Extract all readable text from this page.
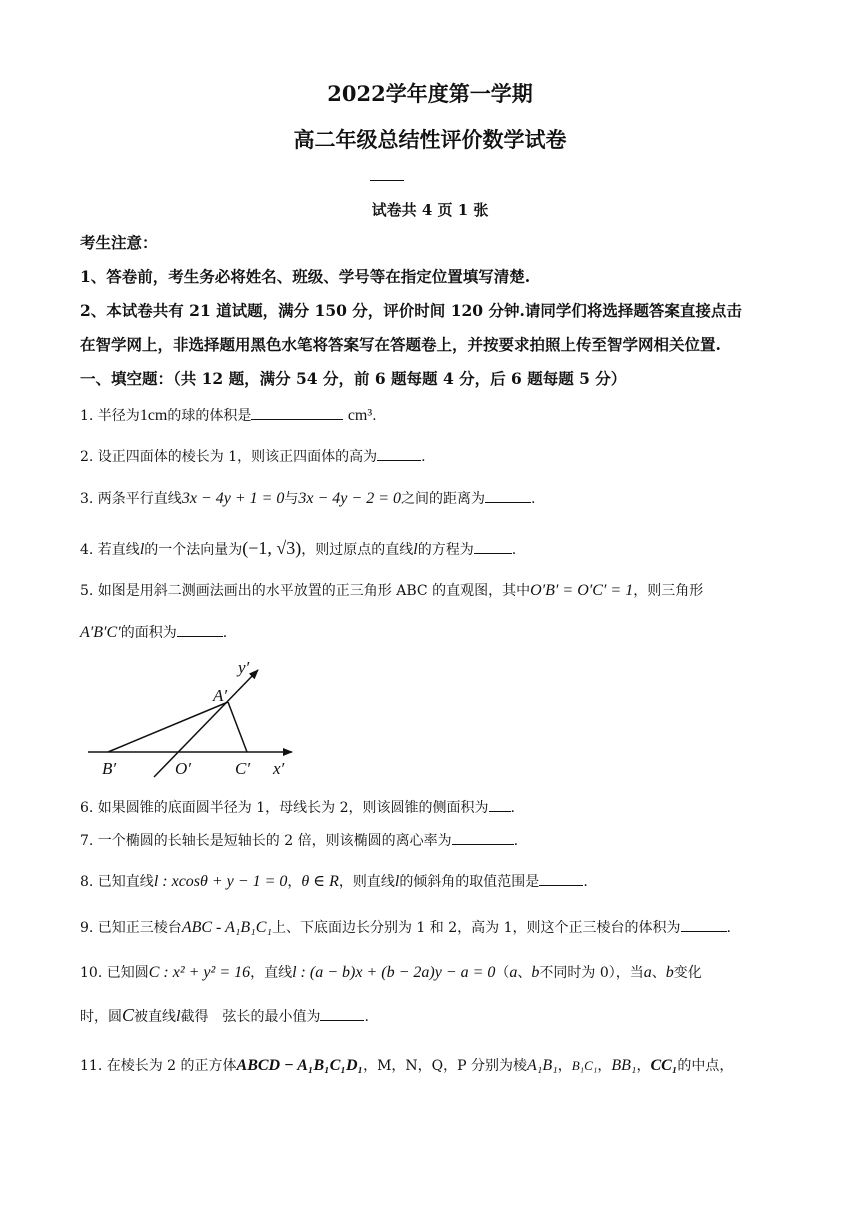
2022学年度第一学期
高二年级总结性评价数学试卷
试卷共 4 页 1 张
考生注意：
1、答卷前，考生务必将姓名、班级、学号等在指定位置填写清楚.
2、本试卷共有 21 道试题，满分 150 分，评价时间 120 分钟.请同学们将选择题答案直接点击
在智学网上，非选择题用黑色水笔将答案写在答题卷上，并按要求拍照上传至智学网相关位置.
一、填空题：（共 12 题，满分 54 分，前 6 题每题 4 分，后 6 题每题 5 分）
1. 半径为1cm的球的体积是	cm³.
2. 设正四面体的棱长为 1，则该正四面体的高为	.
3. 两条平行直线3x − 4y + 1 = 0与3x − 4y − 2 = 0之间的距离为	.
4. 若直线l的一个法向量为(−1, √3)，则过原点的直线l的方程为	.
5. 如图是用斜二测画法画出的水平放置的正三角形 ABC 的直观图，其中O′B′ = O′C′ = 1，则三角形
A′B′C′的面积为	.
y′
A′
B′	O′	C′ x′
6. 如果圆锥的底面圆半径为 1，母线长为 2，则该圆锥的侧面积为 .
7. 一个椭圆的长轴长是短轴长的 2 倍，则该椭圆的离心率为	.
8. 已知直线l : xcosθ + y − 1 = 0，θ ∈ R，则直线l的倾斜角的取值范围是	.
9. 已知正三棱台ABC - A₁B₁C₁上、下底面边长分别为 1 和 2，高为 1，则这个正三棱台的体积为	.
10. 已知圆C : x² + y² = 16，直线l : (a − b)x + (b − 2a)y − a = 0（a、b不同时为 0），当a、b变化
时，圆C被直线l截得　弦长的最小值为	.
11. 在棱长为 2 的正方体ABCD − A₁B₁C₁D₁，M，N，Q，P 分别为棱A₁B₁，B₁C₁，BB₁，CC₁的中点，
